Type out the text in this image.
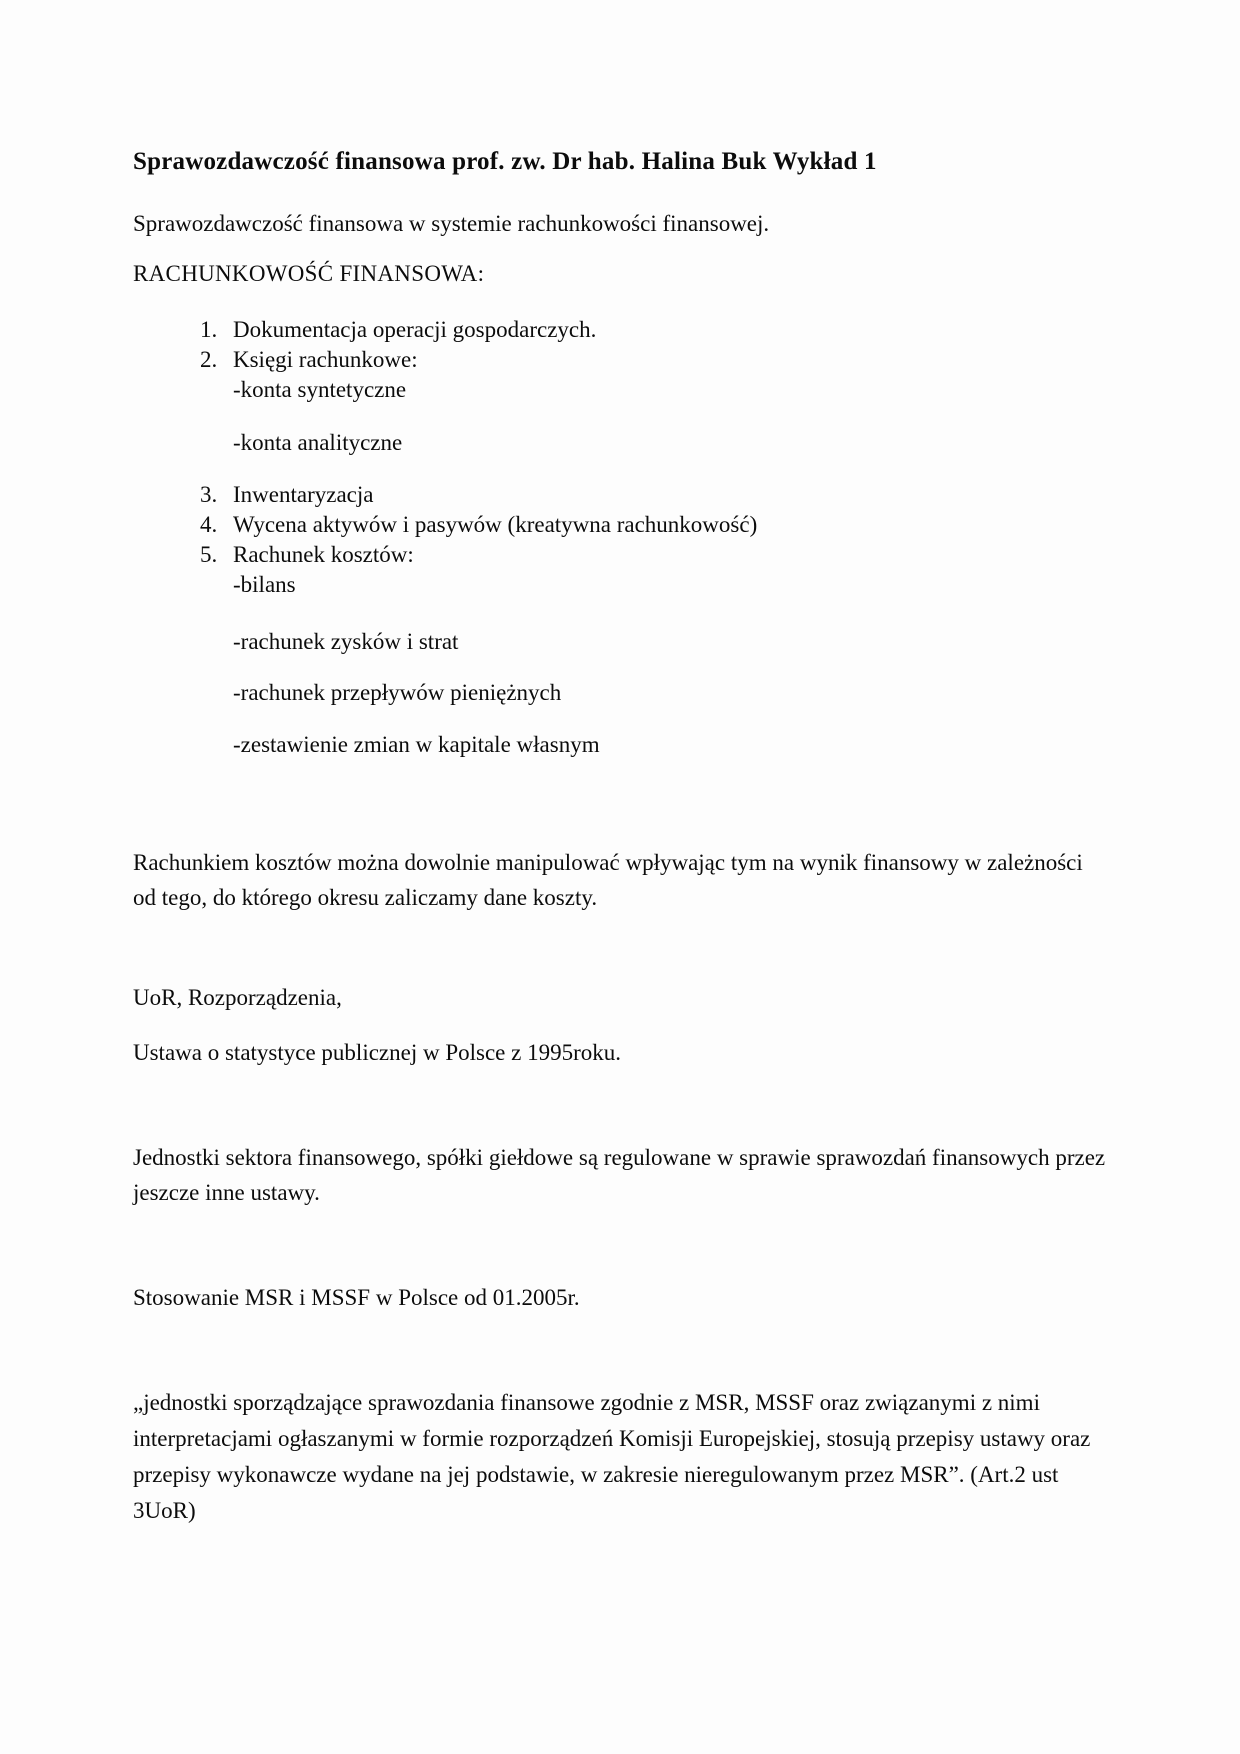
Sprawozdawczość finansowa prof. zw. Dr hab. Halina Buk Wykład 1

Sprawozdawczość finansowa w systemie rachunkowości finansowej.

RACHUNKOWOŚĆ FINANSOWA:

1. Dokumentacja operacji gospodarczych.
2. Księgi rachunkowe:
-konta syntetyczne
-konta analityczne
3. Inwentaryzacja
4. Wycena aktywów i pasywów (kreatywna rachunkowość)
5. Rachunek kosztów:
-bilans
-rachunek zysków i strat
-rachunek przepływów pieniężnych
-zestawienie zmian w kapitale własnym

Rachunkiem kosztów można dowolnie manipulować wpływając tym na wynik finansowy w zależności od tego, do którego okresu zaliczamy dane koszty.

UoR, Rozporządzenia,

Ustawa o statystyce publicznej w Polsce z 1995roku.

Jednostki sektora finansowego, spółki giełdowe są regulowane w sprawie sprawozdań finansowych przez jeszcze inne ustawy.

Stosowanie MSR i MSSF w Polsce od 01.2005r.

„jednostki sporządzające sprawozdania finansowe zgodnie z MSR, MSSF oraz związanymi z nimi interpretacjami ogłaszanymi w formie rozporządzeń Komisji Europejskiej, stosują przepisy ustawy oraz przepisy wykonawcze wydane na jej podstawie, w zakresie nieregulowanym przez MSR”. (Art.2 ust 3UoR)
